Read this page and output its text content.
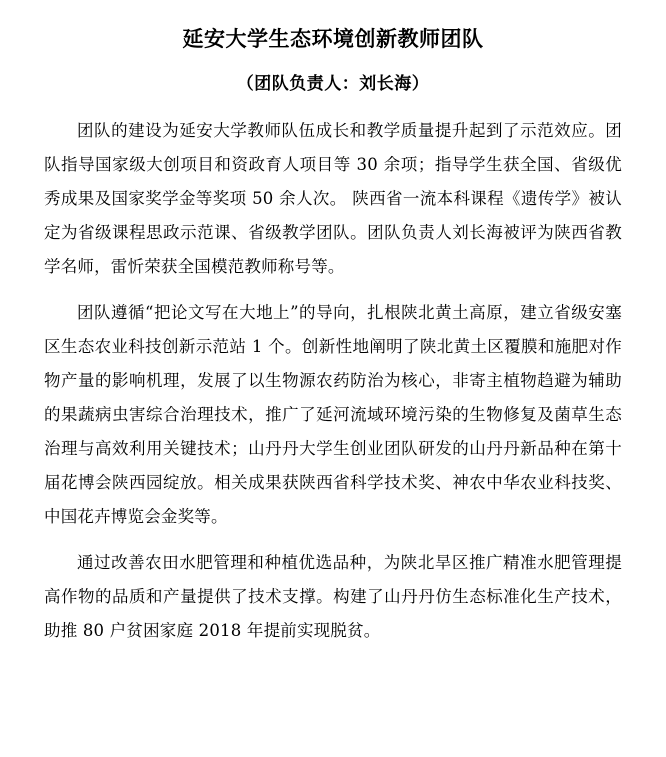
延安大学生态环境创新教师团队
（团队负责人：刘长海）

团队的建设为延安大学教师队伍成长和教学质量提升起到了示范效应。团队指导国家级大创项目和资政育人项目等 30 余项；指导学生获全国、省级优秀成果及国家奖学金等奖项 50 余人次。 陕西省一流本科课程《遗传学》被认定为省级课程思政示范课、省级教学团队。团队负责人刘长海被评为陕西省教学名师，雷忻荣获全国模范教师称号等。

团队遵循“把论文写在大地上”的导向，扎根陕北黄土高原，建立省级安塞区生态农业科技创新示范站 1 个。创新性地阐明了陕北黄土区覆膜和施肥对作物产量的影响机理，发展了以生物源农药防治为核心，非寄主植物趋避为辅助的果蔬病虫害综合治理技术，推广了延河流域环境污染的生物修复及菌草生态治理与高效利用关键技术；山丹丹大学生创业团队研发的山丹丹新品种在第十届花博会陕西园绽放。相关成果获陕西省科学技术奖、神农中华农业科技奖、中国花卉博览会金奖等。

通过改善农田水肥管理和种植优选品种，为陕北旱区推广精准水肥管理提高作物的品质和产量提供了技术支撑。构建了山丹丹仿生态标准化生产技术，助推 80 户贫困家庭 2018 年提前实现脱贫。
